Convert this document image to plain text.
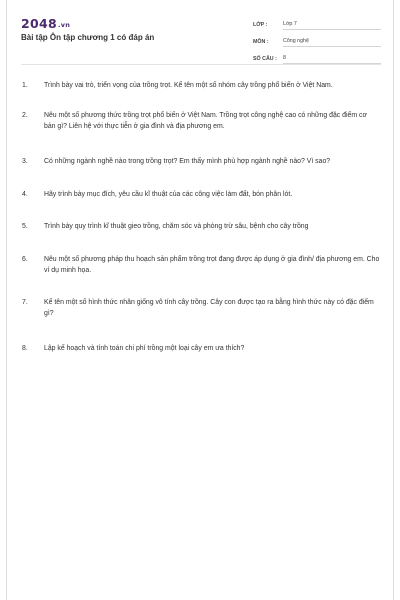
2048.vn
Bài tập Ôn tập chương 1 có đáp án
LỚP :	Lớp 7
MÔN :	Công nghệ
SỐ CÂU :	8
1.	Trình bày vai trò, triển vọng của trồng trọt. Kể tên một số nhóm cây trồng phổ biến ở Việt Nam.
2.	Nêu một số phương thức trồng trọt phổ biến ở Việt Nam. Trồng trọt công nghệ cao có những đặc điểm cơ bản gì? Liên hệ với thực tiễn ở gia đình và địa phương em.
3.	Có những ngành nghề nào trong trồng trọt? Em thấy mình phù hợp ngành nghề nào? Vì sao?
4.	Hãy trình bày mục đích, yêu cầu kĩ thuật của các công việc làm đất, bón phân lót.
5.	Trình bày quy trình kĩ thuật gieo trồng, chăm sóc và phòng trừ sâu, bệnh cho cây trồng
6.	Nêu một số phương pháp thu hoạch sản phẩm trồng trọt đang được áp dụng ở gia đình/ địa phương em. Cho ví dụ minh họa.
7.	Kể tên một số hình thức nhân giống vô tính cây trồng. Cây con được tạo ra bằng hình thức này có đặc điểm gì?
8.	Lập kế hoạch và tính toán chi phí trồng một loại cây em ưa thích?
